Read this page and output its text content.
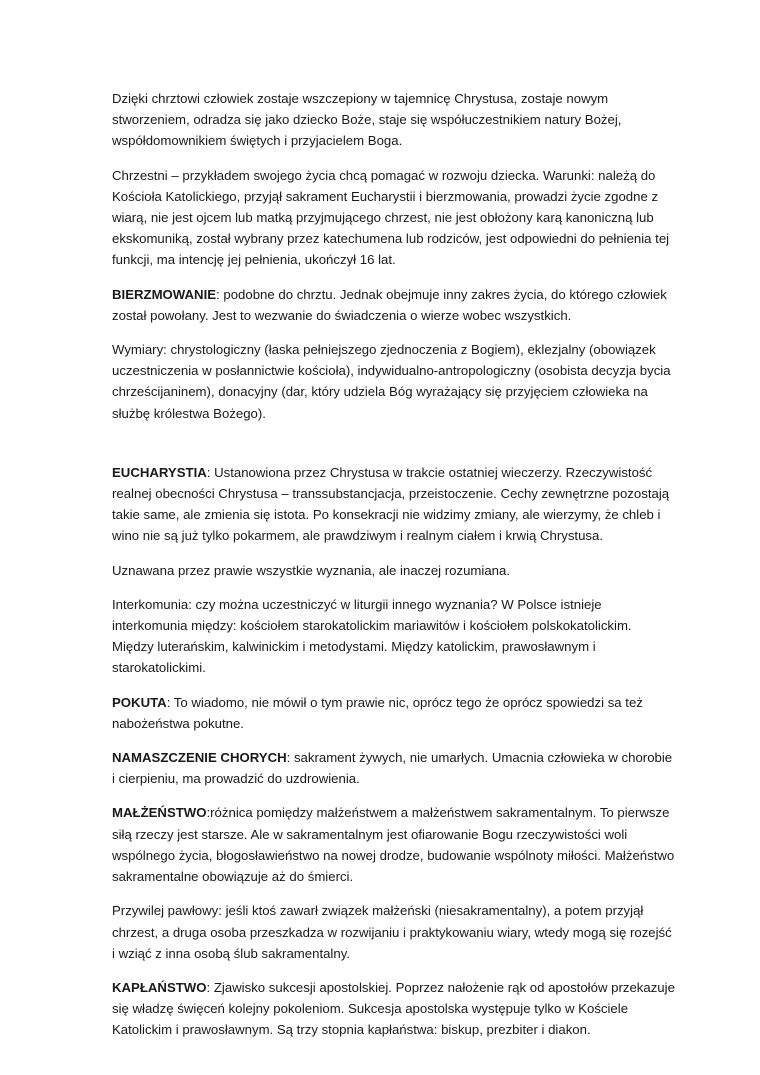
Dzięki chrztowi człowiek zostaje wszczepiony w tajemnicę Chrystusa, zostaje nowym stworzeniem, odradza się jako dziecko Boże, staje się współuczestnikiem natury Bożej, współdomownikiem świętych i przyjacielem Boga.

Chrzestni – przykładem swojego życia chcą pomagać w rozwoju dziecka. Warunki: należą do Kościoła Katolickiego, przyjął sakrament Eucharystii i bierzmowania, prowadzi życie zgodne z wiarą, nie jest ojcem lub matką przyjmującego chrzest, nie jest obłożony karą kanoniczną lub ekskomuniką, został wybrany przez katechumena lub rodziców, jest odpowiedni do pełnienia tej funkcji, ma intencję jej pełnienia, ukończył 16 lat.

BIERZMOWANIE: podobne do chrztu. Jednak obejmuje inny zakres życia, do którego człowiek został powołany. Jest to wezwanie do świadczenia o wierze wobec wszystkich.

Wymiary: chrystologiczny (łaska pełniejszego zjednoczenia z Bogiem), eklezjalny (obowiązek uczestniczenia w posłannictwie kościoła), indywidualno-antropologiczny (osobista decyzja bycia chrześcijaninem), donacyjny (dar, który udziela Bóg wyrażający się przyjęciem człowieka na służbę królestwa Bożego).

EUCHARYSTIA: Ustanowiona przez Chrystusa w trakcie ostatniej wieczerzy. Rzeczywistość realnej obecności Chrystusa – transsubstancjacja, przeistoczenie. Cechy zewnętrzne pozostają takie same, ale zmienia się istota. Po konsekracji nie widzimy zmiany, ale wierzymy, że chleb i wino nie są już tylko pokarmem, ale prawdziwym i realnym ciałem i krwią Chrystusa.

Uznawana przez prawie wszystkie wyznania, ale inaczej rozumiana.

Interkomunia: czy można uczestniczyć w liturgii innego wyznania? W Polsce istnieje interkomunia między: kościołem starokatolickim mariawitów i kościołem polskokatolickim. Między luterańskim, kalwinickim i metodystami. Między katolickim, prawosławnym i starokatolickimi.

POKUTA: To wiadomo, nie mówił o tym prawie nic, oprócz tego że oprócz spowiedzi sa też nabożeństwa pokutne.

NAMASZCZENIE CHORYCH: sakrament żywych, nie umarłych. Umacnia człowieka w chorobie i cierpieniu, ma prowadzić do uzdrowienia.

MAŁŻEŃSTWO:różnica pomiędzy małżeństwem a małżeństwem sakramentalnym. To pierwsze siłą rzeczy jest starsze. Ale w sakramentalnym jest ofiarowanie Bogu rzeczywistości woli wspólnego życia, błogosławieństwo na nowej drodze, budowanie wspólnoty miłości. Małżeństwo sakramentalne obowiązuje aż do śmierci.

Przywilej pawłowy: jeśli ktoś zawarł związek małżeński (niesakramentalny), a potem przyjął chrzest, a druga osoba przeszkadza w rozwijaniu i praktykowaniu wiary, wtedy mogą się rozejść i wziąć z inna osobą ślub sakramentalny.

KAPŁAŃSTWO: Zjawisko sukcesji apostolskiej. Poprzez nałożenie rąk od apostołów przekazuje się władzę święceń kolejny pokoleniom. Sukcesja apostolska występuje tylko w Kościele Katolickim i prawosławnym. Są trzy stopnia kapłaństwa: biskup, prezbiter i diakon.
